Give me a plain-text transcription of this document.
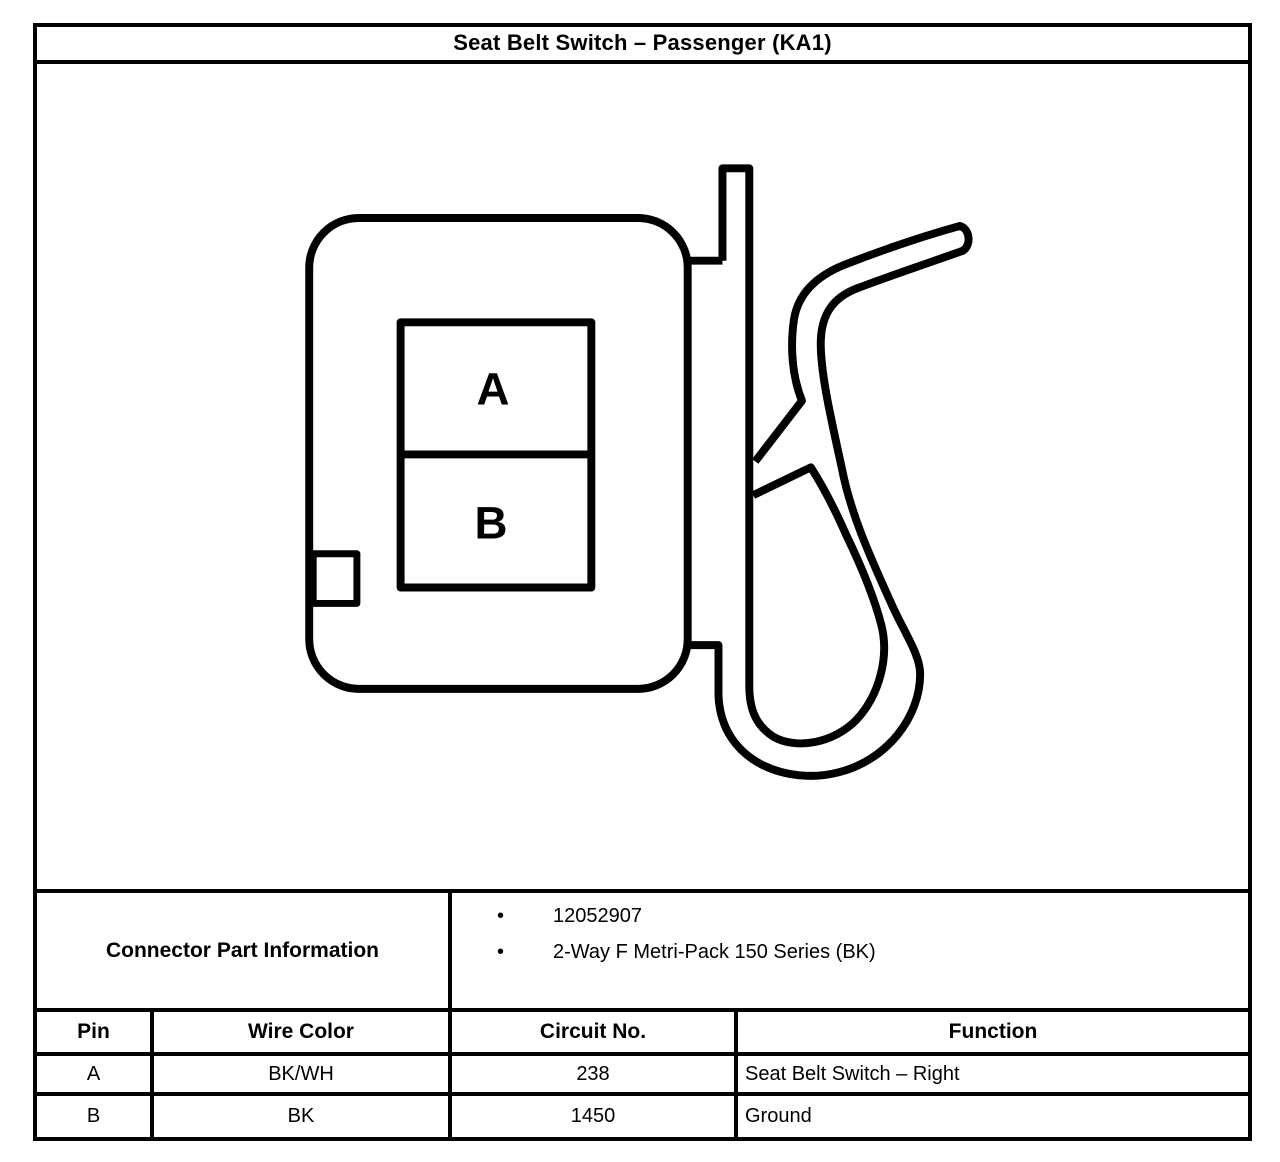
Seat Belt Switch – Passenger (KA1)
A
B
Connector Part Information
•	12052907
•	2-Way F Metri-Pack 150 Series (BK)
Pin	Wire Color	Circuit No.	Function
A	BK/WH	238	Seat Belt Switch – Right
B	BK	1450	Ground
